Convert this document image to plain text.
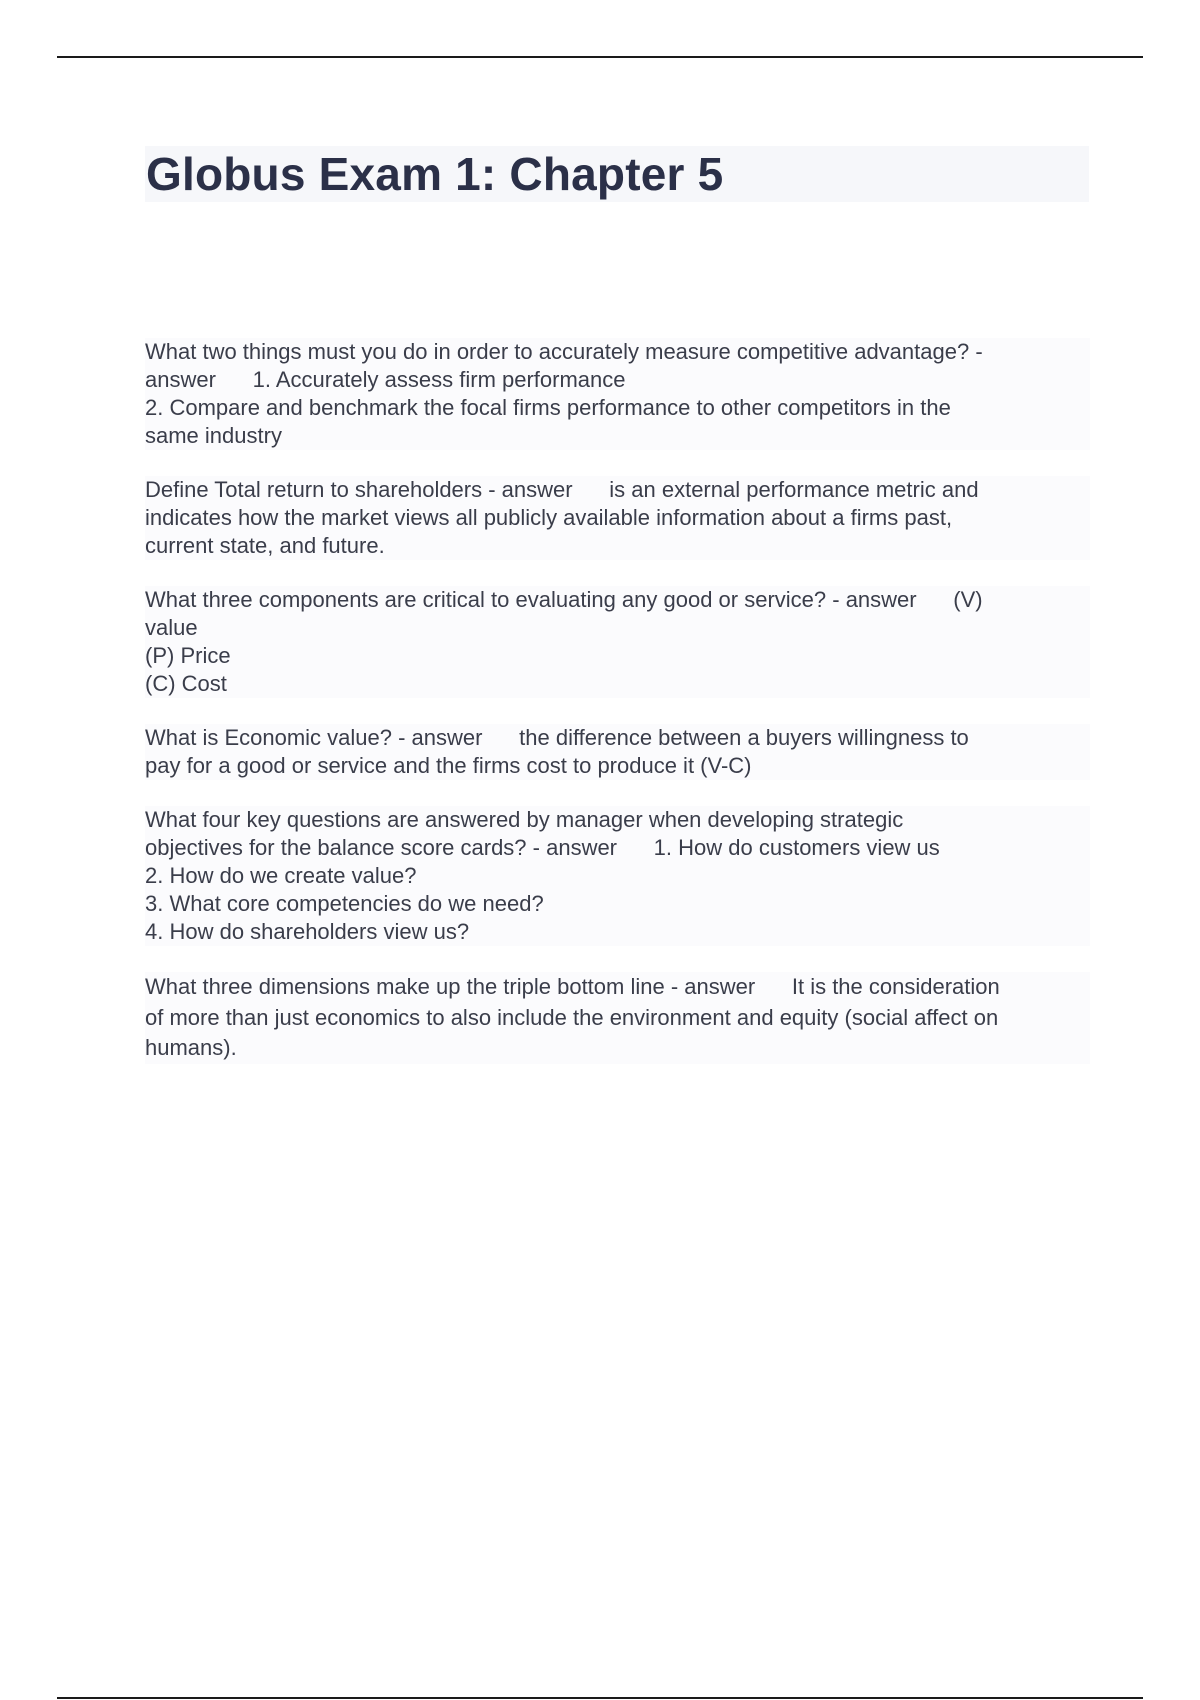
Globus Exam 1: Chapter 5
What two things must you do in order to accurately measure competitive advantage? -
answer      1. Accurately assess firm performance
2. Compare and benchmark the focal firms performance to other competitors in the
same industry
Define Total return to shareholders - answer      is an external performance metric and
indicates how the market views all publicly available information about a firms past,
current state, and future.
What three components are critical to evaluating any good or service? - answer      (V)
value
(P) Price
(C) Cost
What is Economic value? - answer      the difference between a buyers willingness to
pay for a good or service and the firms cost to produce it (V-C)
What four key questions are answered by manager when developing strategic
objectives for the balance score cards? - answer      1. How do customers view us
2. How do we create value?
3. What core competencies do we need?
4. How do shareholders view us?
What three dimensions make up the triple bottom line - answer      It is the consideration
of more than just economics to also include the environment and equity (social affect on
humans).
